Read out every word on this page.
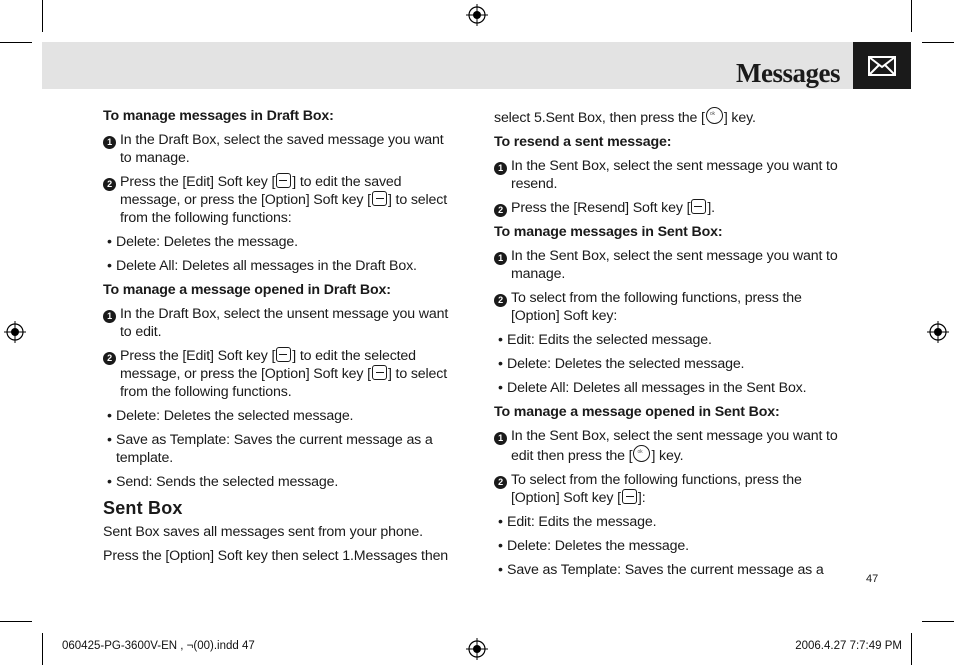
Messages
To manage messages in Draft Box:
1 In the Draft Box, select the saved message you want to manage.
2 Press the [Edit] Soft key [ ] to edit the saved message, or press the [Option] Soft key [ ] to select from the following functions:
• Delete: Deletes the message.
• Delete All: Deletes all messages in the Draft Box.
To manage a message opened in Draft Box:
1 In the Draft Box, select the unsent message you want to edit.
2 Press the [Edit] Soft key [ ] to edit the selected message, or press the [Option] Soft key [ ] to select from the following functions.
• Delete: Deletes the selected message.
• Save as Template: Saves the current message as a template.
• Send: Sends the selected message.
Sent Box
Sent Box saves all messages sent from your phone.
Press the [Option] Soft key then select 1.Messages then
select 5.Sent Box, then press the [ ok ] key.
To resend a sent message:
1 In the Sent Box, select the sent message you want to resend.
2 Press the [Resend] Soft key [ ].
To manage messages in Sent Box:
1 In the Sent Box, select the sent message you want to manage.
2 To select from the following functions, press the [Option] Soft key:
• Edit: Edits the selected message.
• Delete: Deletes the selected message.
• Delete All: Deletes all messages in the Sent Box.
To manage a message opened in Sent Box:
1 In the Sent Box, select the sent message you want to edit then press the [ ok ] key.
2 To select from the following functions, press the [Option] Soft key [ ]:
• Edit: Edits the message.
• Delete: Deletes the message.
• Save as Template: Saves the current message as a
47
060425-PG-3600V-EN , ¬(00).indd 47	2006.4.27 7:7:49 PM
